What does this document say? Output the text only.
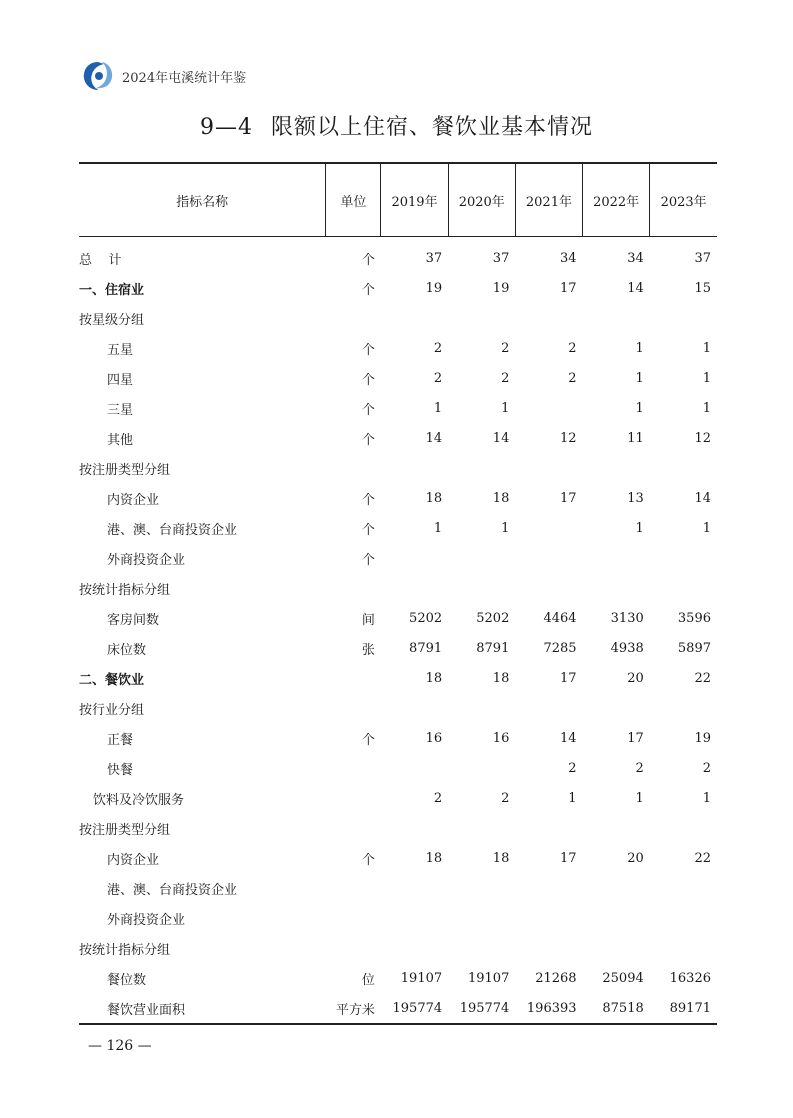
2024年屯溪统计年鉴
9—4 限额以上住宿、餐饮业基本情况
指标名称	单位	2019年	2020年	2021年	2022年	2023年
总    计	个	37	37	34	34	37
一、住宿业	个	19	19	17	14	15
按星级分组						
五星	个	2	2	2	1	1
四星	个	2	2	2	1	1
三星	个	1	1		1	1
其他	个	14	14	12	11	12
按注册类型分组						
内资企业	个	18	18	17	13	14
港、澳、台商投资企业	个	1	1		1	1
外商投资企业	个					
按统计指标分组						
客房间数	间	5202	5202	4464	3130	3596
床位数	张	8791	8791	7285	4938	5897
二、餐饮业		18	18	17	20	22
按行业分组						
正餐	个	16	16	14	17	19
快餐				2	2	2
饮料及冷饮服务		2	2	1	1	1
按注册类型分组						
内资企业	个	18	18	17	20	22
港、澳、台商投资企业						
外商投资企业						
按统计指标分组						
餐位数	位	19107	19107	21268	25094	16326
餐饮营业面积	平方米	195774	195774	196393	87518	89171
— 126 —
